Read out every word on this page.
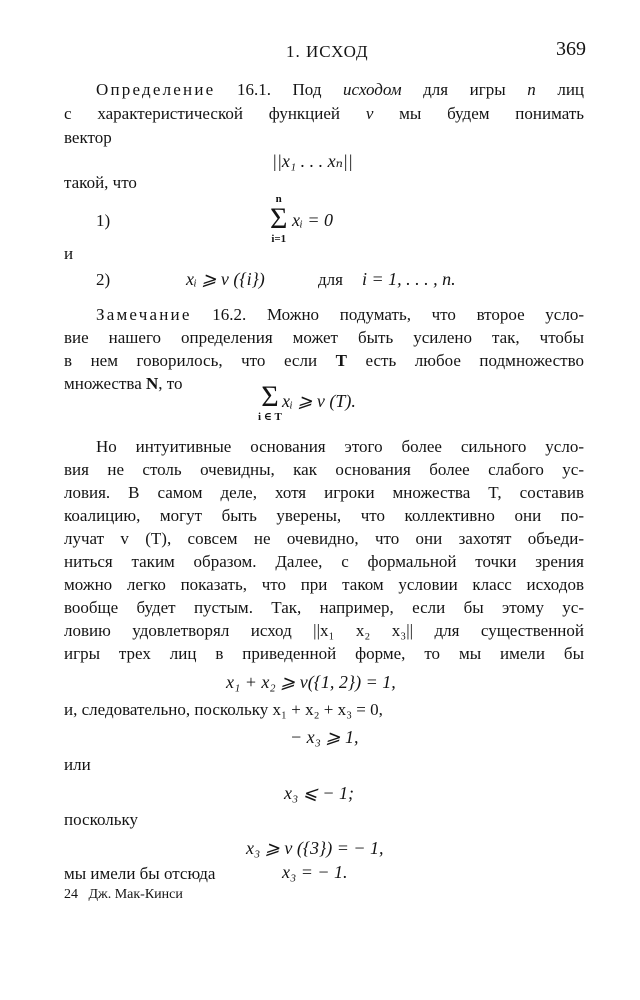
1. ИСХОД	369
Определение 16.1. Под исходом для игры n лиц
с характеристической функцией v мы будем понимать
вектор
||x₁ . . . xₙ||
такой, что
1)
n
Σ
i=1
xᵢ = 0
и
2)	xᵢ ⩾ v ({i})	для i = 1, . . . , n.
Замечание 16.2. Можно подумать, что второе усло-
вие нашего определения может быть усилено так, чтобы
в нем говорилось, что если T есть любое подмножество
множества N, то	Σ
i ∈ T
xᵢ ⩾ v (T).
Но интуитивные основания этого более сильного усло-
вия не столь очевидны, как основания более слабого ус-
ловия. В самом деле, хотя игроки множества T, составив
коалицию, могут быть уверены, что коллективно они по-
лучат v (T), совсем не очевидно, что они захотят объеди-
ниться таким образом. Далее, с формальной точки зрения
можно легко показать, что при таком условии класс исходов
вообще будет пустым. Так, например, если бы этому ус-
ловию удовлетворял исход ||x₁ x₂ x₃|| для существенной
игры трех лиц в приведенной форме, то мы имели бы
x₁ + x₂ ⩾ v({1, 2}) = 1,
и, следовательно, поскольку x₁ + x₂ + x₃ = 0,
− x₃ ⩾ 1,
или
x₃ ⩽ − 1;
поскольку
x₃ ⩾ v ({3}) = − 1,
мы имели бы отсюда	x₃ = − 1.
24 Дж. Мак-Кинси
